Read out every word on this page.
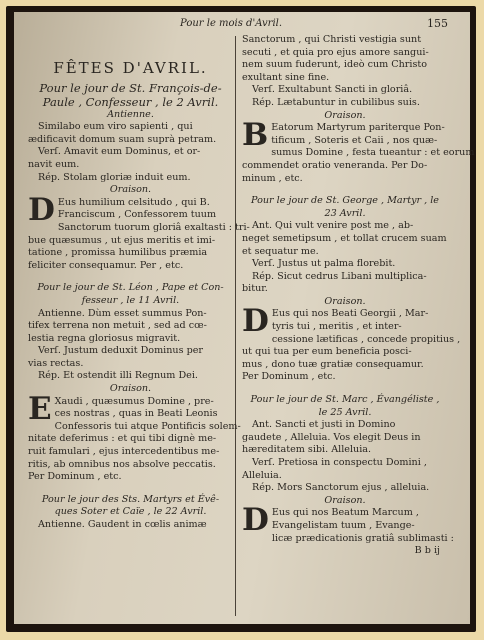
Pour le mois d'Avril.	155
FÊTES D'AVRIL.
Pour le jour de St. François-de-
Paule , Confesseur , le 2 Avril.
Antienne.
Similabo eum viro sapienti , qui
ædificavit domum suam suprà petram.
Verſ. Amavit eum Dominus, et or-
navit eum.
Rép. Stolam gloriæ induit eum.
Oraison.
D Eus humilium celsitudo , qui B.
Franciscum , Confessorem tuum
Sanctorum tuorum gloriâ exaltasti : tri-
bue quæsumus , ut ejus meritis et imi-
tatione , promissa humilibus præmia
feliciter consequamur. Per , etc.
Pour le jour de St. Léon , Pape et Con-
fesseur , le 11 Avril.
Antienne. Dùm esset summus Pon-
tifex terrena non metuit , sed ad cœ-
lestia regna gloriosus migravit.
Verſ. Justum deduxit Dominus per
vias rectas.
Rép. Et ostendit illi Regnum Dei.
Oraison.
E Xaudi , quæsumus Domine , pre-
ces nostras , quas in Beati Leonis
Confessoris tui atque Pontificis solem-
nitate deferimus : et qui tibi dignè me-
ruit famulari , ejus intercedentibus me-
ritis, ab omnibus nos absolve peccatis.
Per Dominum , etc.
Pour le jour des Sts. Martyrs et Évê-
ques Soter et Caïe , le 22 Avril.
Antienne. Gaudent in cœlis animæ
Sanctorum , qui Christi vestigia sunt
secuti , et quia pro ejus amore sangui-
nem suum fuderunt, ideò cum Christo
exultant sine fine.
Verſ. Exultabunt Sancti in gloriâ.
Rép. Lætabuntur in cubilibus suis.
Oraison.
B Eatorum Martyrum pariterque Pon-
tificum , Soteris et Caii , nos quæ-
sumus Domine , festa tueantur : et eorum
commendet oratio veneranda. Per Do-
minum , etc.
Pour le jour de St. George , Martyr , le
23 Avril.
Ant. Qui vult venire post me , ab-
neget semetipsum , et tollat crucem suam
et sequatur me.
Verſ. Justus ut palma florebit.
Rép. Sicut cedrus Libani multiplica-
bitur.
Oraison.
D Eus qui nos Beati Georgii , Mar-
tyris tui , meritis , et inter-
cessione lætificas , concede propitius ,
ut qui tua per eum beneficia posci-
mus , dono tuæ gratiæ consequamur.
Per Dominum , etc.
Pour le jour de St. Marc , Évangéliste ,
le 25 Avril.
Ant. Sancti et justi in Domino
gaudete , Alleluia. Vos elegit Deus in
hæreditatem sibi. Alleluia.
Verſ. Pretiosa in conspectu Domini ,
Alleluia.
Rép. Mors Sanctorum ejus , alleluia.
Oraison.
D Eus qui nos Beatum Marcum ,
Evangelistam tuum , Evange-
licæ prædicationis gratiâ sublimasti :
B b ij
